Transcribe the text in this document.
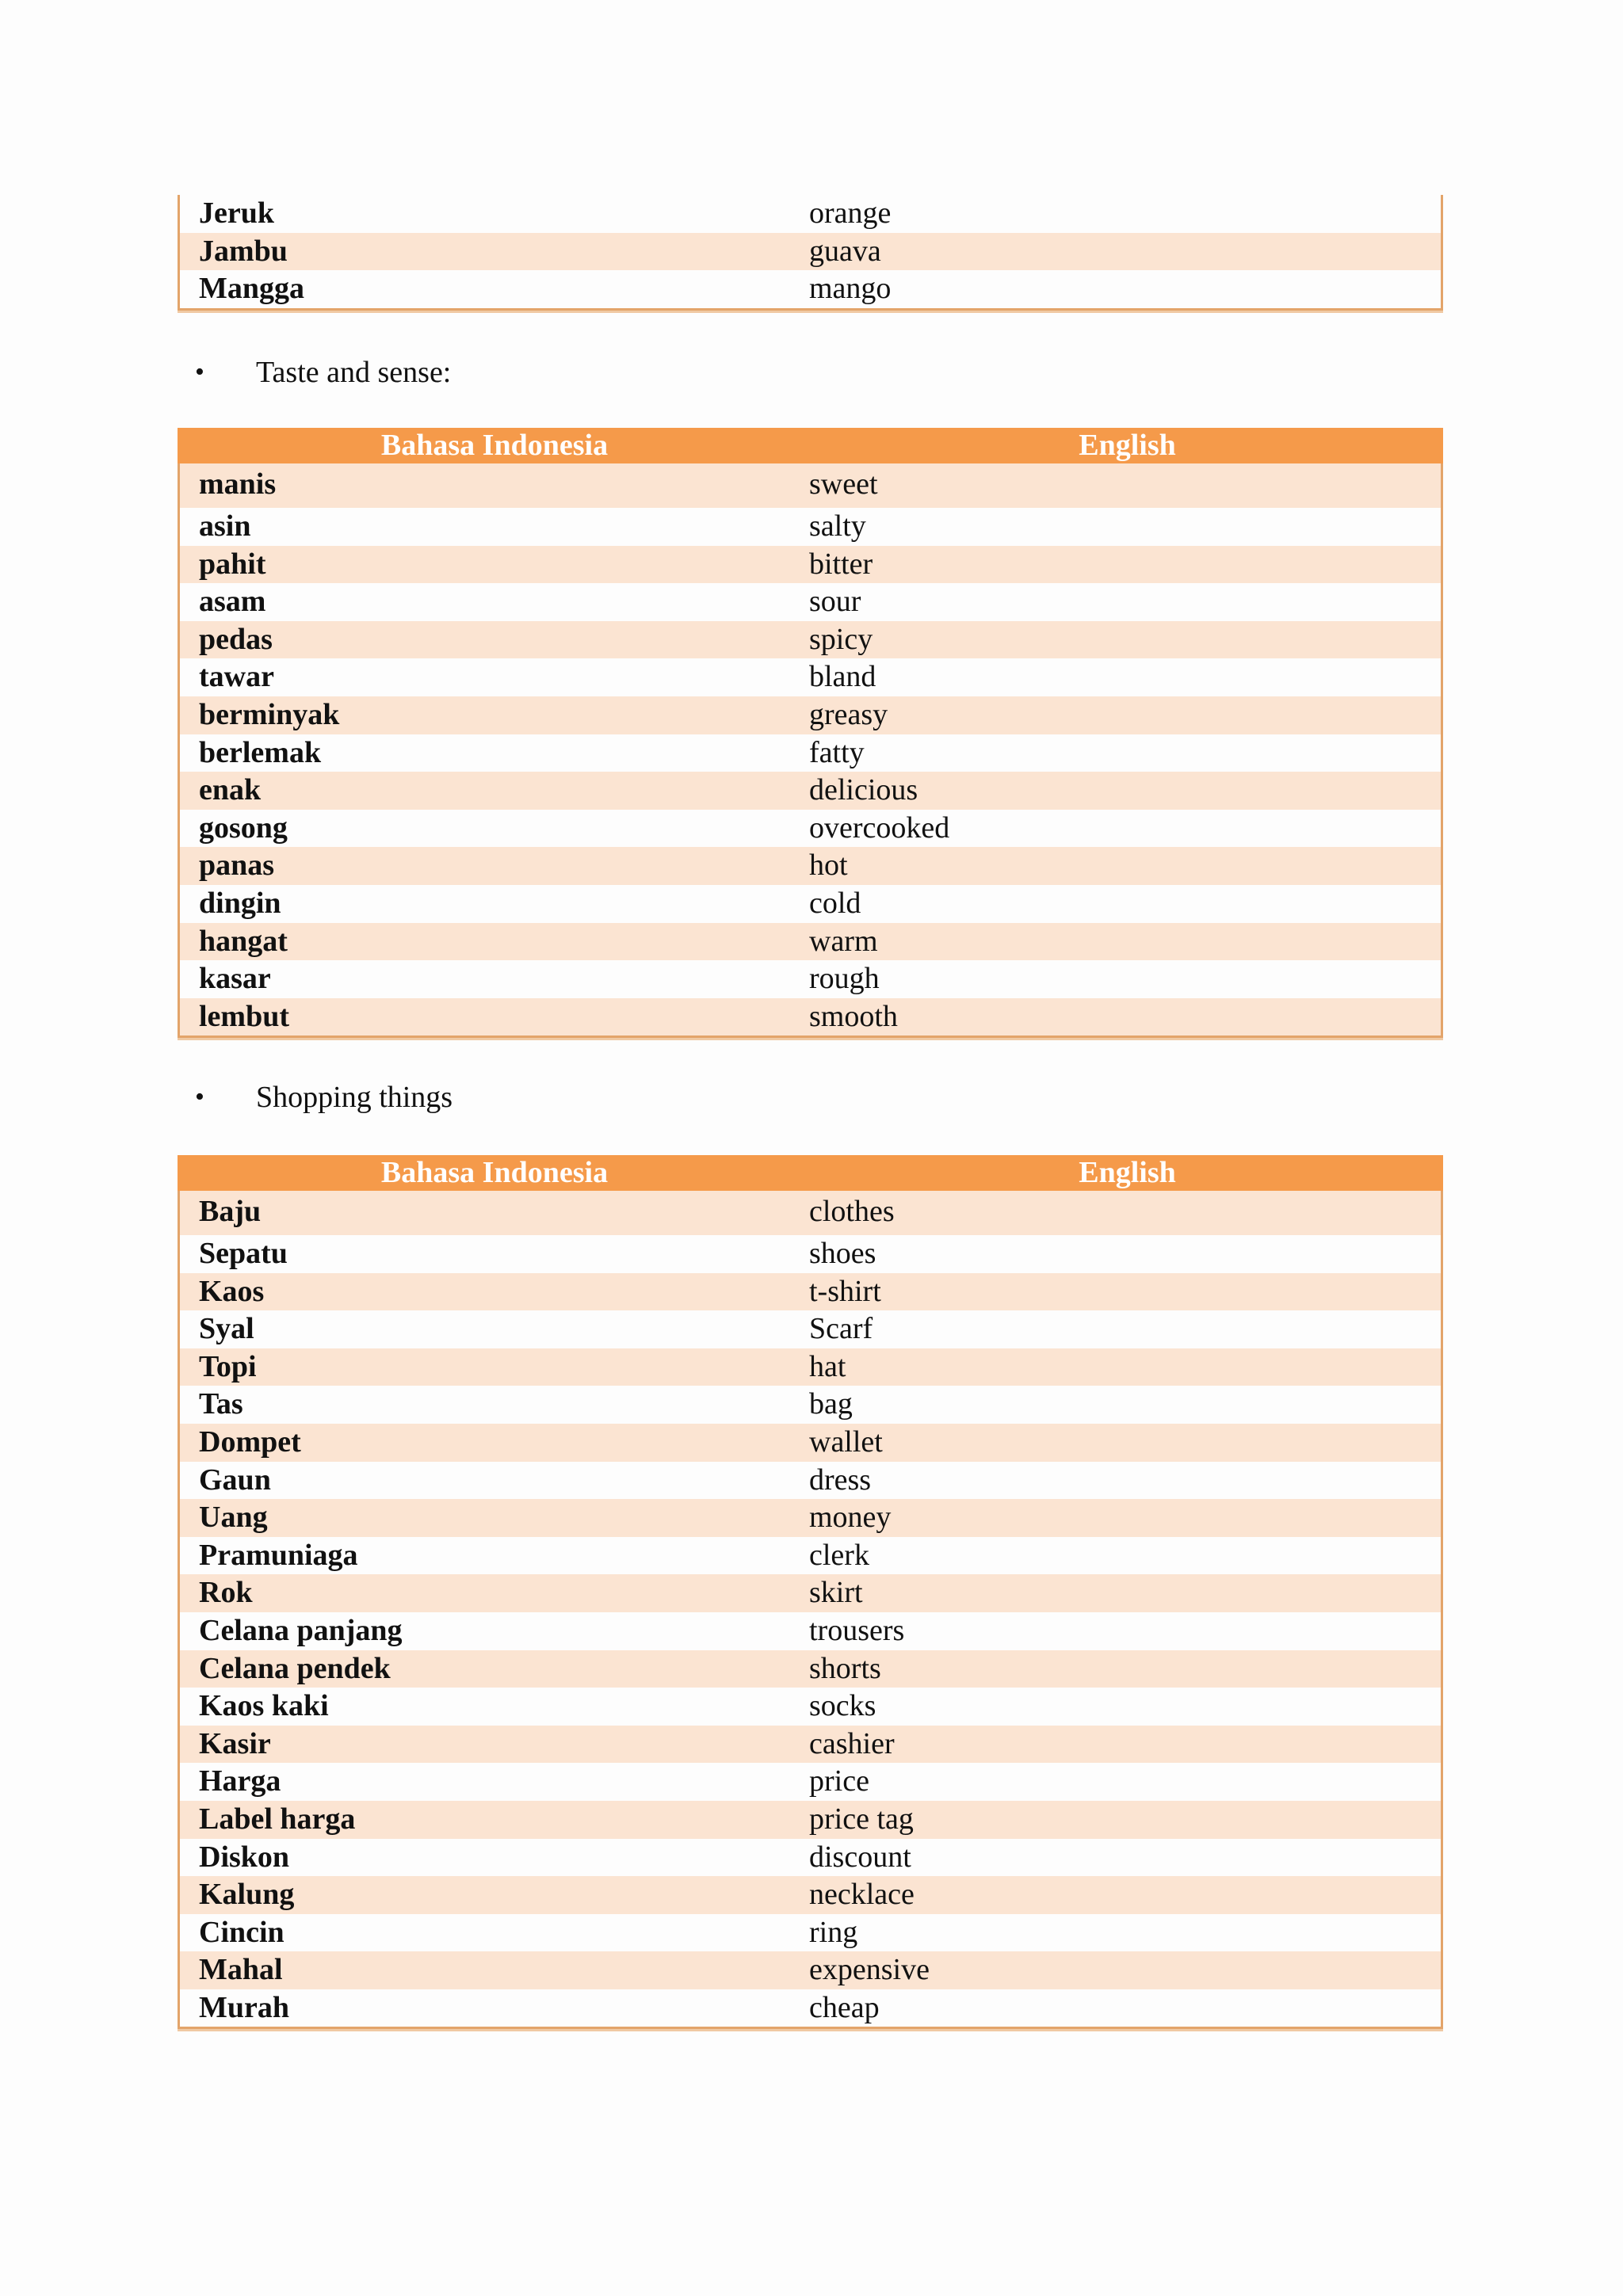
Jeruk	orange
Jambu	guava
Mangga	mango
•	Taste and sense:
Bahasa Indonesia	English
manis	sweet
asin	salty
pahit	bitter
asam	sour
pedas	spicy
tawar	bland
berminyak	greasy
berlemak	fatty
enak	delicious
gosong	overcooked
panas	hot
dingin	cold
hangat	warm
kasar	rough
lembut	smooth
•	Shopping things
Bahasa Indonesia	English
Baju	clothes
Sepatu	shoes
Kaos	t-shirt
Syal	Scarf
Topi	hat
Tas	bag
Dompet	wallet
Gaun	dress
Uang	money
Pramuniaga	clerk
Rok	skirt
Celana panjang	trousers
Celana pendek	shorts
Kaos kaki	socks
Kasir	cashier
Harga	price
Label harga	price tag
Diskon	discount
Kalung	necklace
Cincin	ring
Mahal	expensive
Murah	cheap
